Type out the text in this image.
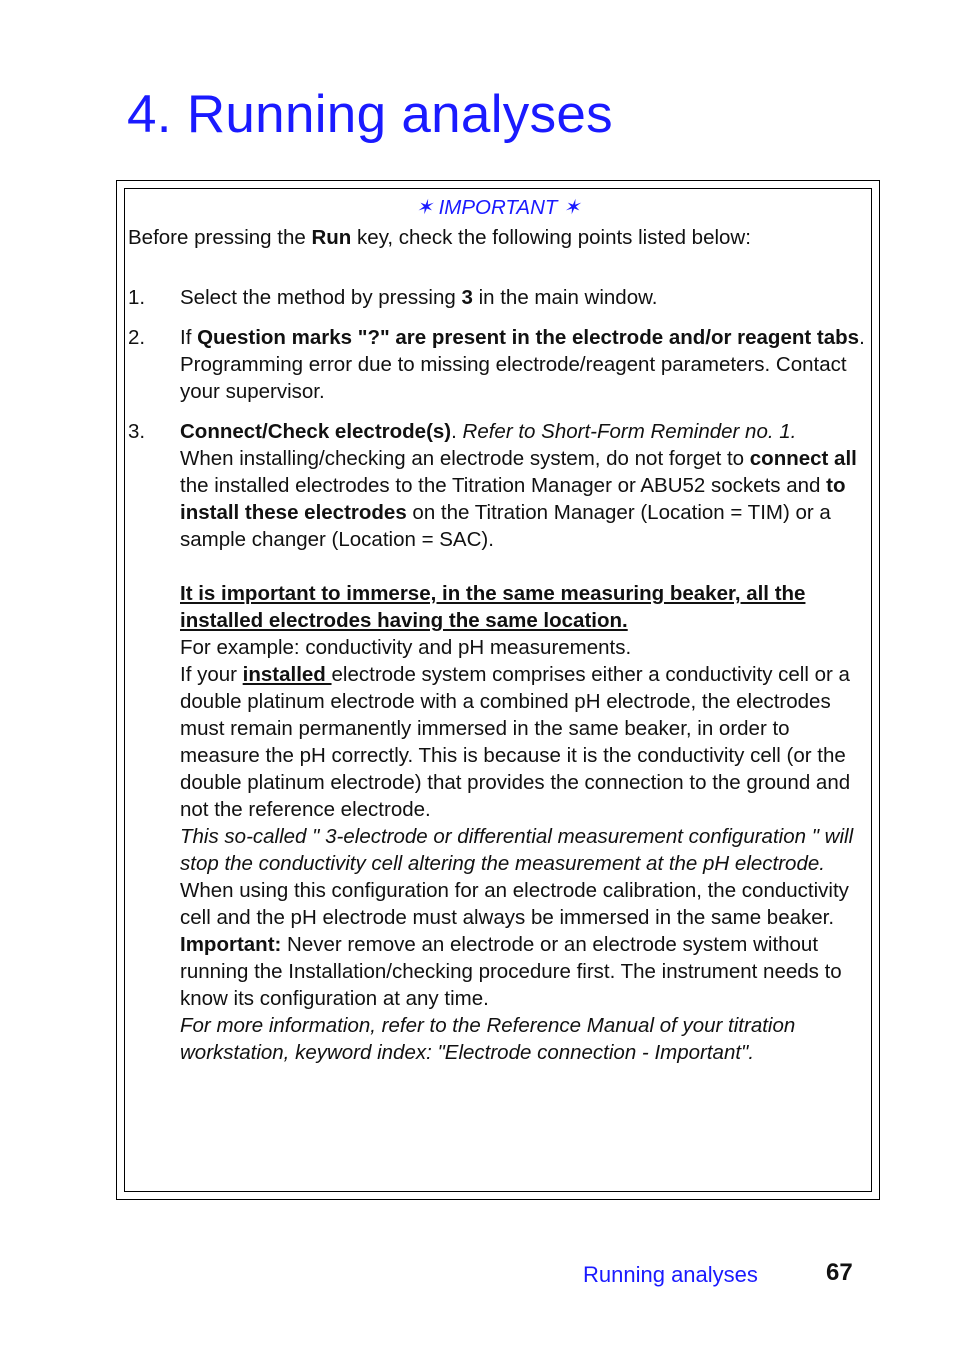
4. Running analyses
✶ IMPORTANT ✶

Before pressing the Run key, check the following points listed below:

1. Select the method by pressing 3 in the main window.

2. If Question marks "?" are present in the electrode and/or reagent tabs. Programming error due to missing electrode/reagent parameters. Contact your supervisor.

3. Connect/Check electrode(s). Refer to Short-Form Reminder no. 1.

When installing/checking an electrode system, do not forget to connect all the installed electrodes to the Titration Manager or ABU52 sockets and to install these electrodes on the Titration Manager (Location = TIM) or a sample changer (Location = SAC).

It is important to immerse, in the same measuring beaker, all the installed electrodes having the same location.

For example: conductivity and pH measurements.
If your installed electrode system comprises either a conductivity cell or a double platinum electrode with a combined pH electrode, the electrodes must remain permanently immersed in the same beaker, in order to measure the pH correctly. This is because it is the conductivity cell (or the double platinum electrode) that provides the connection to the ground and not the reference electrode.
This so-called " 3-electrode or differential measurement configuration " will stop the conductivity cell altering the measurement at the pH electrode.
When using this configuration for an electrode calibration, the conductivity cell and the pH electrode must always be immersed in the same beaker.

Important: Never remove an electrode or an electrode system without running the Installation/checking procedure first. The instrument needs to know its configuration at any time.

For more information, refer to the Reference Manual of your titration workstation, keyword index: "Electrode connection - Important".

Running analyses	67
